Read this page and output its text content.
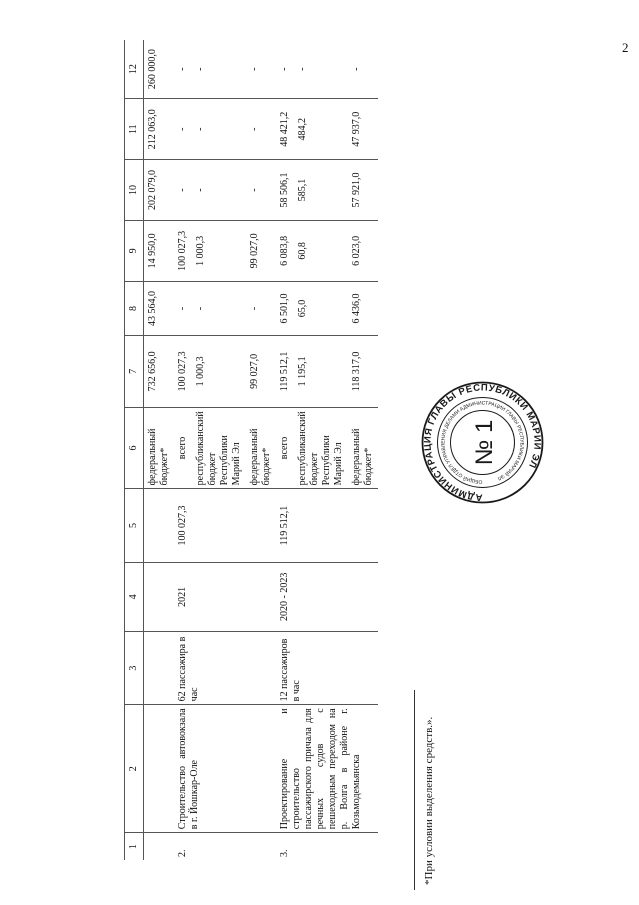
2
1	2	3	4	5	6	7	8	9	10	11	12
					федеральный бюджет*	732 656,0	43 564,0	14 950,0	202 079,0	212 063,0	260 000,0
2.	Строительство автовокзала в г. Йошкар-Оле	62 пассажира в час	2021	100 027,3	всего	100 027,3	-	100 027,3	-	-	-
					республиканский бюджет Республики Марий Эл	1 000,3	-	1 000,3	-	-	-
					федеральный бюджет*	99 027,0	-	99 027,0	-	-	-
3.	Проектирование и строительство пассажирского причала для речных судов с пешеходным переходом на р. Волга в районе г. Козьмодемьянска	12 пассажиров в час	2020 - 2023	119 512,1	всего	119 512,1	6 501,0	6 083,8	58 506,1	48 421,2	-
					республиканский бюджет Республики Марий Эл	1 195,1	65,0	60,8	585,1	484,2	-
					федеральный бюджет*	118 317,0	6 436,0	6 023,0	57 921,0	47 937,0	-
*При условии выделения средств.».
АДМИНИСТРАЦИЯ ГЛАВЫ РЕСПУБЛИКИ МАРИЙ ЭЛ
ОБЩИЙ ОТДЕЛ УПРАВЛЕНИЯ ДЕЛАМИ АДМИНИСТРАЦИИ ГЛАВЫ РЕСПУБЛИКИ МАРИЙ ЭЛ
№ 1
